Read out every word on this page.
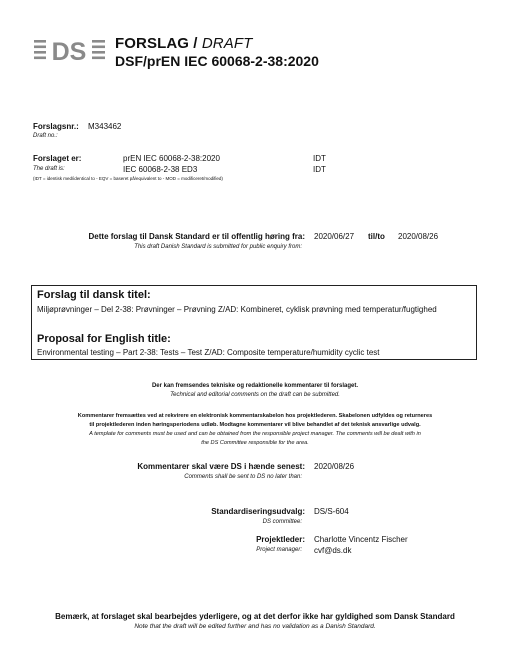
DS FORSLAG / DRAFT
DSF/prEN IEC 60068-2-38:2020
Forslagsnr.:
Draft no.:
M343462
Forslaget er:
The draft is:
prEN IEC 60068-2-38:2020
IEC 60068-2-38 ED3
IDT
IDT
(IDT = identisk med/identical to - EQV = baseret på/equivalent to - MOD = modificeret/modified)
Dette forslag til Dansk Standard er til offentlig høring fra:
This draft Danish Standard is submitted for public enquiry from:
2020/06/27 til/to 2020/08/26
Forslag til dansk titel:
Miljøprøvninger – Del 2-38: Prøvninger – Prøvning Z/AD: Kombineret, cyklisk prøvning med temperatur/fugtighed
Proposal for English title:
Environmental testing – Part 2-38: Tests – Test Z/AD: Composite temperature/humidity cyclic test
Der kan fremsendes tekniske og redaktionelle kommentarer til forslaget.
Technical and editorial comments on the draft can be submitted.
Kommentarer fremsættes ved at rekvirere en elektronisk kommentarskabelon hos projektlederen. Skabelonen udfyldes og returneres
til projektlederen inden høringsperiodens udløb. Modtagne kommentarer vil blive behandlet af det teknisk ansvarlige udvalg.
A template for comments must be used and can be obtained from the responsible project manager. The comments will be dealt with in
the DS Committee responsible for the area.
Kommentarer skal være DS i hænde senest:
Comments shall be sent to DS no later than:
2020/08/26
Standardiseringsudvalg:
DS committee:
DS/S-604
Projektleder:
Project manager:
Charlotte Vincentz Fischer
cvf@ds.dk
Bemærk, at forslaget skal bearbejdes yderligere, og at det derfor ikke har gyldighed som Dansk Standard
Note that the draft will be edited further and has no validation as a Danish Standard.
